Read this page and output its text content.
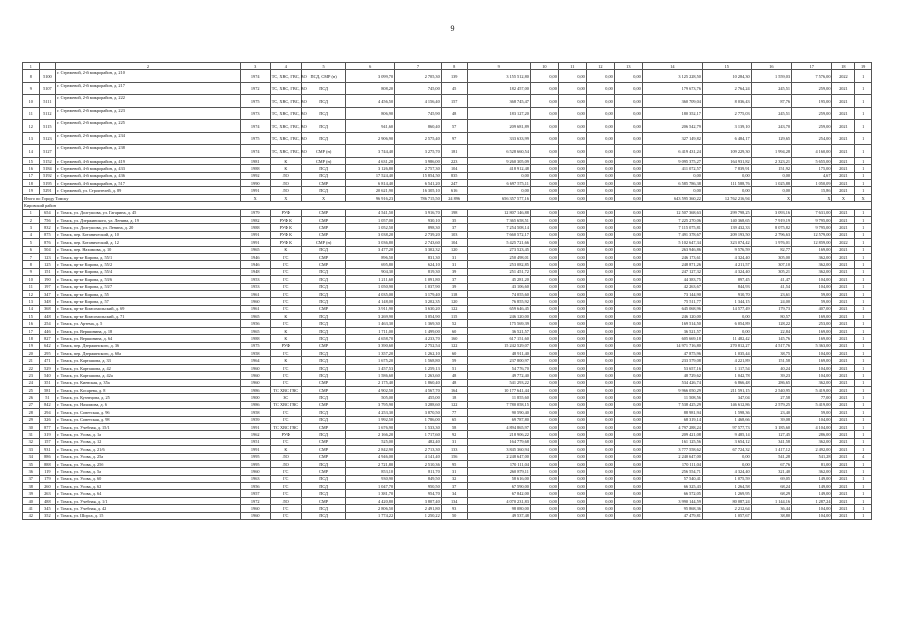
9
1		2	3	4	5	6	7	8	9	10	11	12	13	14	15	16	17	18	19
8	5100	г. Стрежевой, 2-й микрорайон, д. 210	1974	ТС, ХВС, ГВС, ВО	ПСД, СМР (н)	3 099,70	2 705,30	139	3 155 512,80	0,00	0,00	0,00	0,00	3 125 228,50	10 284,30	1 559,03	7 576,00	2022	1
9	5107	г. Стрежевой, 2-й микрорайон, д. 217	1972	ТС, ХВС, ГВС, ВО	ПСД	808,20	745,00	45	182 457,00	0,00	0,00	0,00	0,00	179 673,76	2 764,24	245,51	259,00	2021	1
10	5111	г. Стрежевой, 2-й микрорайон, д. 222	1975	ТС, ХВС, ГВС, ВО	ПСД	4 456,50	4 156,40	157	368 745,47	0,00	0,00	0,00	0,00	360 709,04	8 036,43	87,76	195,00	2021	1
11	5112	г. Стрежевой, 2-й микрорайон, д. 223	1973	ТС, ХВС, ГВС, ВО	ПСД	806,90	745,90	48	183 127,20	0,00	0,00	0,00	0,00	180 352,17	2 775,03	245,51	259,00	2021	1
12	5115	г. Стрежевой, 2-й микрорайон, д. 225	1974	ТС, ХВС, ГВС, ВО	ПСД	941,60	860,40	57	209 681,89	0,00	0,00	0,00	0,00	206 542,79	3 139,10	243,70	259,00	2021	1
13	5123	г. Стрежевой, 2-й микрорайон, д. 234	1975	ТС, ХВС, ГВС, ВО	ПСД	2 906,90	2 575,40	97	333 633,99	0,00	0,00	0,00	0,00	327 149,82	6 484,17	129,65	254,00	2021	1
14	5127	г. Стрежевой, 2-й микрорайон, д. 238	1974	ТС, ХВС, ГВС, ВО	СМР (н)	3 744,40	3 275,70	181	6 528 660,54	0,00	0,00	0,00	0,00	6 419 431,24	109 229,30	1 994,28	4 160,00	2021	1
15	5152	г. Стрежевой, 4-й микрорайон, д. 419	1981	К	СМР (н)	4 631,20	3 986,00	223	9 260 305,09	0,00	0,00	0,00	0,00	9 095 375,27	164 931,82	2 323,21	5 655,00	2021	1
16	5184	г. Стрежевой, 4-й микрорайон, д. 433	1988	К	ПСД	3 126,80	2 757,30	104	418 912,48	0,00	0,00	0,00	0,00	411 072,57	7 839,91	151,92	175,00	2021	1
17	5192	г. Стрежевой, 4-й микрорайон, д. 436	1992	ЛО	ПСД	17 524,40	15 854,50	835	0,00	0,00	0,00	0,00	0,00	0,00	0,00	0,00	4,67	2021	1
18	5195	г. Стрежевой, 4-й микрорайон, д. 517	1990	ЛО	СМР	6 814,40	6 541,20	247	6 697 575,11	0,00	0,00	0,00	0,00	6 585 786,38	111 588,76	1 025,88	1 050,09	2021	1
19	5291	г. Стрежевой, ул. Строителей, д. 89	1991	ЛО	ПСД	20 621,90	16 305,10	616	0,00	0,00	0,00	0,00	0,00	0,00	0,00	0,00	15,86	2021	1
Итого по Городу Томску			X	X	X	96 916,23	786 715,50	24 896	656 357 577,16	0,00	0,00	0,00	0,00	643 595 360,22	12 762 216,94	X	X	X	X
Кировский район																			
1	654	г. Томск, ул. Долгушова, ул. Гагарина, д. 45	1979	РУФ	СМР	4 541,50	3 916,70	198	12 807 146,88	0,00	0,00	0,00	0,00	12 507 368,63	299 798,25	3 093,16	7 631,00	2021	1
2	756	г. Томск, ул. Дзержинского, ул. Ленина, д. 19	1982	РУФ К	СМР	1 057,00	930,10	35	7 365 658,51	0,00	0,00	0,00	0,00	7 225 270,06	140 368,65	7 919,19	9 795,00	2021	1
3	832	г. Томск, ул. Долгушова, ул. Ленина, д. 20	1988	РУФ К	СМР	1 052,50	898,30	37	7 254 508,14	0,00	0,00	0,00	0,00	7 115 075,81	139 432,33	8 075,82	9 795,00	2021	1
4	875	г. Томск, пер. Ботанический, д. 10	1991	РУФ К	СМР	3 038,20	2 739,20	103	7 660 572,17	0,00	0,00	0,00	0,00	7 491 378,67	209 193,50	2 796,63	12 579,00	2021	1
5	876	г. Томск, пер. Ботанический, д. 12	1991	РУФ К	СМР (н)	3 036,80	2 743,60	104	5 425 721,66	0,00	0,00	0,00	0,00	5 102 647,34	323 074,42	1 976,01	12 859,00	2022	1
6	504	г. Томск, пер. Нахимова, д. 10	1965	К	ПСД	3 477,20	3 302,32	120	273 523,45	0,00	0,00	0,00	0,00	263 946,86	9 576,59	82,77	169,00	2021	1
7	123	г. Томск, пр-кт Кирова, д. 55/1	1946	ГС	СМР	896,50	831,30	31	250 498,01	0,00	0,00	0,00	0,00	246 173,61	4 324,40	305,00	362,00	2021	1
8	125	г. Томск, пр-кт Кирова, д. 55/2	1946	ГС	СМР	695,80	624,10	31	253 082,85	0,00	0,00	0,00	0,00	248 871,26	4 211,57	307,10	362,00	2021	1
9	151	г. Томск, пр-кт Кирова, д. 55/4	1948	ГС	ПСД	904,30	819,30	39	251 451,72	0,00	0,00	0,00	0,00	247 127,32	4 324,40	305,21	362,00	2021	1
10	190	г. Томск, пр-кт Кирова, д. 53/6	1953	ГС	ПСД	1 211,60	1 091,80	37	45 281,20	0,00	0,00	0,00	0,00	44 383,75	897,45	41,47	104,00	2021	1
11	197	г. Томск, пр-кт Кирова, д. 53/7	1953	ГС	ПСД	1 050,90	1 037,90	39	43 106,60	0,00	0,00	0,00	0,00	42 263,67	844,93	41,54	104,00	2021	1
12	347	г. Томск, пр-кт Кирова, д. 55	1961	ГС	ПСД	4 035,00	3 179,40	118	74 055,60	0,00	0,00	0,00	0,00	73 144,90	910,70	23,61	59,00	2021	1
13	348	г. Томск, пр-кт Кирова, д. 57	1960	ГС	ПСД	4 148,00	3 202,35	120	76 855,92	0,00	0,00	0,00	0,00	75 511,77	1 344,15	24,00	59,00	2021	1
14	368	г. Томск, пр-кт Комсомольский, д. 69	1961	ГС	СМР	3 911,90	3 630,20	122	659 646,45	0,00	0,00	0,00	0,00	645 068,96	14 577,49	179,73	407,00	2021	1
15	448	г. Томск, пр-кт Комсомольский, д. 71	1965	К	ПСД	3 269,90	3 054,90	115	246 120,00	0,00	0,00	0,00	0,00	246 120,00	0,00	80,57	169,00	2021	1
16	254	г. Томск, ул. Артема, д. 5	1956	ГС	ПСД	1 463,30	1 369,30	52	175 569,39	0,00	0,00	0,00	0,00	169 514,50	6 054,89	128,22	253,00	2021	1
17	446	г. Томск, ул. Вершинина, д. 18	1965	К	ПСД	1 711,00	1 499,00	60	36 521,57	0,00	0,00	0,00	0,00	36 521,57	0,00	22,84	169,00	2021	1
18	827	г. Томск, ул. Вершинина, д. 64	1988	К	ПСД	4 658,70	4 233,70	160	617 151,60	0,00	0,00	0,00	0,00	605 669,18	11 482,42	145,76	169,00	2021	1
19	642	г. Томск, пер. Дзержинского, д. 36	1975	РУФ	СМР	3 390,60	2 752,54	122	15 242 529,07	0,00	0,00	0,00	0,00	14 971 716,80	270 812,27	4 517,76	5 363,00	2021	1
20	295	г. Томск, пер. Дзержинского, д. 60а	1958	ГС	ПСД	1 357,20	1 262,10	60	48 911,40	0,00	0,00	0,00	0,00	47 875,96	1 035,44	38,75	104,00	2021	1
21	471	г. Томск, ул. Карташова, д. 33	1964	К	ПСД	1 675,20	1 568,80	59	237 800,97	0,00	0,00	0,00	0,00	233 579,08	4 221,89	151,58	169,00	2021	1
22	529	г. Томск, ул. Карташова, д. 42	1960	ГС	ПСД	1 457,53	1 259,13	51	54 776,70	0,00	0,00	0,00	0,00	53 657,16	1 117,54	40,24	104,00	2021	1
23	540	г. Томск, ул. Карташова, д. 42а	1960	ГС	ПСД	1 586,60	1 263,60	48	49 772,40	0,00	0,00	0,00	0,00	48 729,62	1 042,78	39,23	104,00	2021	1
24	351	г. Томск, ул. Киевская, д. 35а	1960	ГС	СМР	2 175,40	1 860,40	48	541 293,22	0,00	0,00	0,00	0,00	534 426,74	6 866,48	286,65	362,00	2021	1
25	581	г. Томск, ул. Косарева, д. 8	1986	ТС ХВС ГВС	СМР	4 902,50	4 567,70	164	10 177 641,44	0,00	0,00	0,00	0,00	9 966 050,29	211 591,15	2 540,95	5 419,00	2021	1
26	51	г. Томск, ул. Кузнецова, д. 25	1900	ЗС	ПСД	505,00	455,00	18	11 855,60	0,00	0,00	0,00	0,00	11 508,56	347,04	27,58	77,00	2021	1
27	842	г. Томск, ул. Нахимова, д. 6	1986	ТС ХВС ГВС	СМР	3 795,90	3 288,60	122	7 780 058,15	0,00	0,00	0,00	0,00	7 538 425,29	146 612,86	2 579,25	5 419,00	2021	1
28	294	г. Томск, ул. Советская, д. 96	1958	ГС	ПСД	4 253,30	3 870,50	77	90 590,40	0,00	0,00	0,00	0,00	88 981,94	1 598,36	23,40	59,00	2021	1
29	326	г. Томск, ул. Советская, д. 98	1959	ГС	ПСД	1 992,50	1 786,00	65	69 787,80	0,00	0,00	0,00	0,00	68 319,14	1 468,66	39,08	104,00	2021	1
30	877	г. Томск, ул. Учебная, д. 15/1	1991	ТС ХВС ГВС	СМР	1 676,90	1 533,30	58	4 894 865,97	0,00	0,00	0,00	0,00	4 797 288,24	97 577,73	3 185,60	4 104,00	2021	1
31	319	г. Томск, ул. Усова, д. 1а	1962	РУФ	ПСД	2 166,20	1 717,60	92	218 906,22	0,00	0,00	0,00	0,00	209 421,08	9 485,14	127,45	286,00	2021	1
32	157	г. Томск, ул. Усова, д. 12	1951	ГС	СМР	525,00	482,40	31	164 779,68	0,00	0,00	0,00	0,00	161 125,56	3 654,12	341,58	362,00	2021	1
33	931	г. Томск, ул. Усова, д. 21/6	1991	К	СМР	2 842,90	2 713,30	133	3 845 360,94	0,00	0,00	0,00	0,00	3 777 558,62	67 724,32	1 417,12	2 492,00	2021	1
34	886	г. Томск, ул. Усова, д. 25а	1995	ЛО	СМР	4 946,00	4 141,40	156	2 248 647,00	0,00	0,00	0,00	0,00	2 240 647,00	0,00	541,28	541,28	2021	4
35	888	г. Томск, ул. Усова, д. 25б	1995	ЛО	ПСД	2 721,80	2 510,36	95	170 111,04	0,00	0,00	0,00	0,00	170 111,04	0,00	67,76	81,00	2021	1
36	119	г. Томск, ул. Усова, д. 5а	1960	ГС	СМР	853,10	811,70	31	260 879,11	0,00	0,00	0,00	0,00	256 554,71	4 324,40	321,40	362,00	2021	1
37	179	г. Томск, ул. Усова, д. 60	1963	ГС	ПСД	930,90	849,50	32	58 616,00	0,00	0,00	0,00	0,00	57 540,41	1 075,59	69,05	149,00	2021	1
38	260	г. Томск, ул. Усова, д. 62	1956	ГС	ПСД	1 047,70	950,50	37	67 590,00	0,00	0,00	0,00	0,00	66 325,43	1 264,58	68,24	149,00	2021	1
39	263	г. Томск, ул. Усова, д. 64	1957	ГС	ПСД	1 381,70	954,70	34	67 842,00	0,00	0,00	0,00	0,00	66 572,05	1 269,95	68,29	149,00	2021	1
40	488	г. Томск, ул. Учебная, д. 1/1	1972	ЛО	СМР	4 420,80	3 807,40	134	4 070 231,83	0,00	0,00	0,00	0,00	3 990 144,59	80 087,24	1 144,16	1 287,24	2021	1
41	345	г. Томск, ул. Учебная, д. 42	1960	ГС	ПСД	2 806,50	2 491,80	93	98 080,00	0,00	0,00	0,00	0,00	95 868,36	2 212,64	36,44	104,00	2021	1
42	352	г. Томск, ул. Шорса, д. 15	1960	ГС	ПСД	1 774,22	1 250,22	50	49 537,48	0,00	0,00	0,00	0,00	47 479,81	1 057,67	38,80	104,00	2021	1
